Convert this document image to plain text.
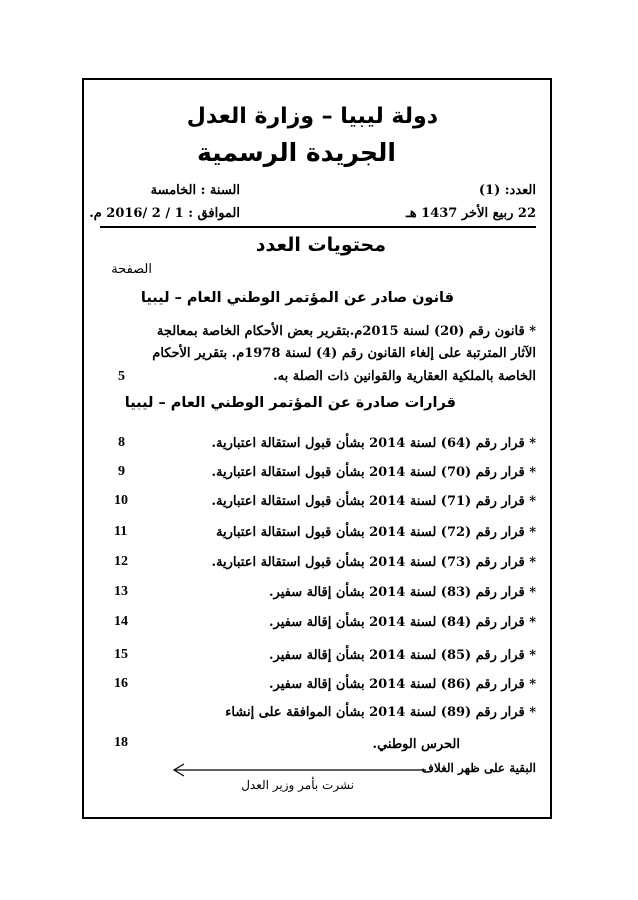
دولة ليبيا – وزارة العدل
الجريدة الرسمية
العدد: (1)
السنة : الخامسة
22 ربيع الأخر 1437 هـ
الموافق : 1 / 2 /2016 م.
محتويات العدد
الصفحة
قانون صادر عن المؤتمر الوطني العام – ليبيا
* قانون رقم (20) لسنة 2015م.بتقرير بعض الأحكام الخاصة بمعالجة
الآثار المترتبة على إلغاء القانون رقم (4) لسنة 1978م. بتقرير الأحكام
الخاصة بالملكية العقارية والقوانين ذات الصلة به.
5
قرارات صادرة عن المؤتمر الوطني العام – ليبيا
* قرار رقم (64) لسنة 2014 بشأن قبول استقالة اعتبارية.
8
* قرار رقم (70) لسنة 2014 بشأن قبول استقالة اعتبارية.
9
* قرار رقم (71) لسنة 2014 بشأن قبول استقالة اعتبارية.
10
* قرار رقم (72) لسنة 2014 بشأن قبول استقالة اعتبارية
11
* قرار رقم (73) لسنة 2014 بشأن قبول استقالة اعتبارية.
12
* قرار رقم (83) لسنة 2014 بشأن إقالة سفير.
13
* قرار رقم (84) لسنة 2014 بشأن إقالة سفير.
14
* قرار رقم (85) لسنة 2014 بشأن إقالة سفير.
15
* قرار رقم (86) لسنة 2014 بشأن إقالة سفير.
16
* قرار رقم (89) لسنة 2014 بشأن الموافقة على إنشاء
الحرس الوطني.
18
البقية على ظهر الغلاف
نشرت بأمر وزير العدل
